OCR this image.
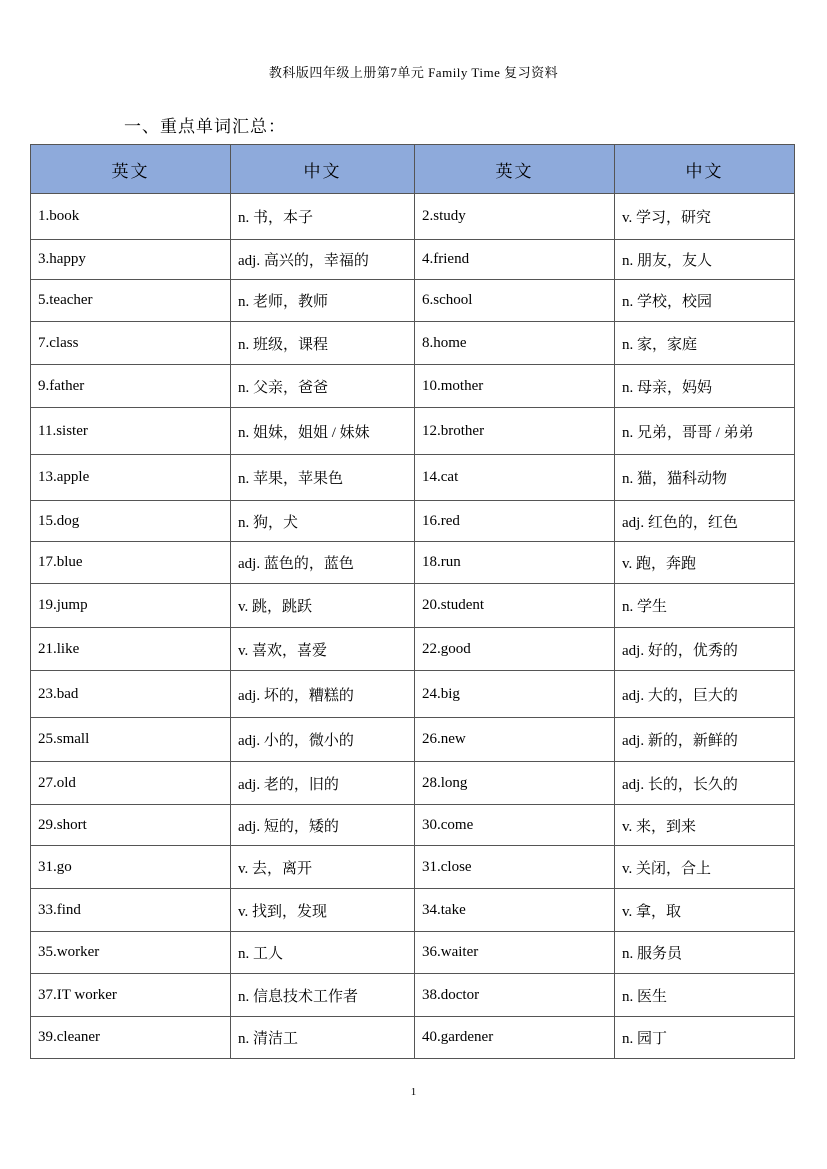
教科版四年级上册第7单元 Family Time 复习资料
一、重点单词汇总：
英文	中文	英文	中文
1.book	n. 书，本子	2.study	v. 学习，研究
3.happy	adj. 高兴的，幸福的	4.friend	n. 朋友，友人
5.teacher	n. 老师，教师	6.school	n. 学校，校园
7.class	n. 班级，课程	8.home	n. 家，家庭
9.father	n. 父亲，爸爸	10.mother	n. 母亲，妈妈
11.sister	n. 姐妹，姐姐 / 妹妹	12.brother	n. 兄弟，哥哥 / 弟弟
13.apple	n. 苹果，苹果色	14.cat	n. 猫，猫科动物
15.dog	n. 狗，犬	16.red	adj. 红色的，红色
17.blue	adj. 蓝色的，蓝色	18.run	v. 跑，奔跑
19.jump	v. 跳，跳跃	20.student	n. 学生
21.like	v. 喜欢，喜爱	22.good	adj. 好的，优秀的
23.bad	adj. 坏的，糟糕的	24.big	adj. 大的，巨大的
25.small	adj. 小的，微小的	26.new	adj. 新的，新鲜的
27.old	adj. 老的，旧的	28.long	adj. 长的，长久的
29.short	adj. 短的，矮的	30.come	v. 来，到来
31.go	v. 去，离开	31.close	v. 关闭，合上
33.find	v. 找到，发现	34.take	v. 拿，取
35.worker	n. 工人	36.waiter	n. 服务员
37.IT worker	n. 信息技术工作者	38.doctor	n. 医生
39.cleaner	n. 清洁工	40.gardener	n. 园丁
1
